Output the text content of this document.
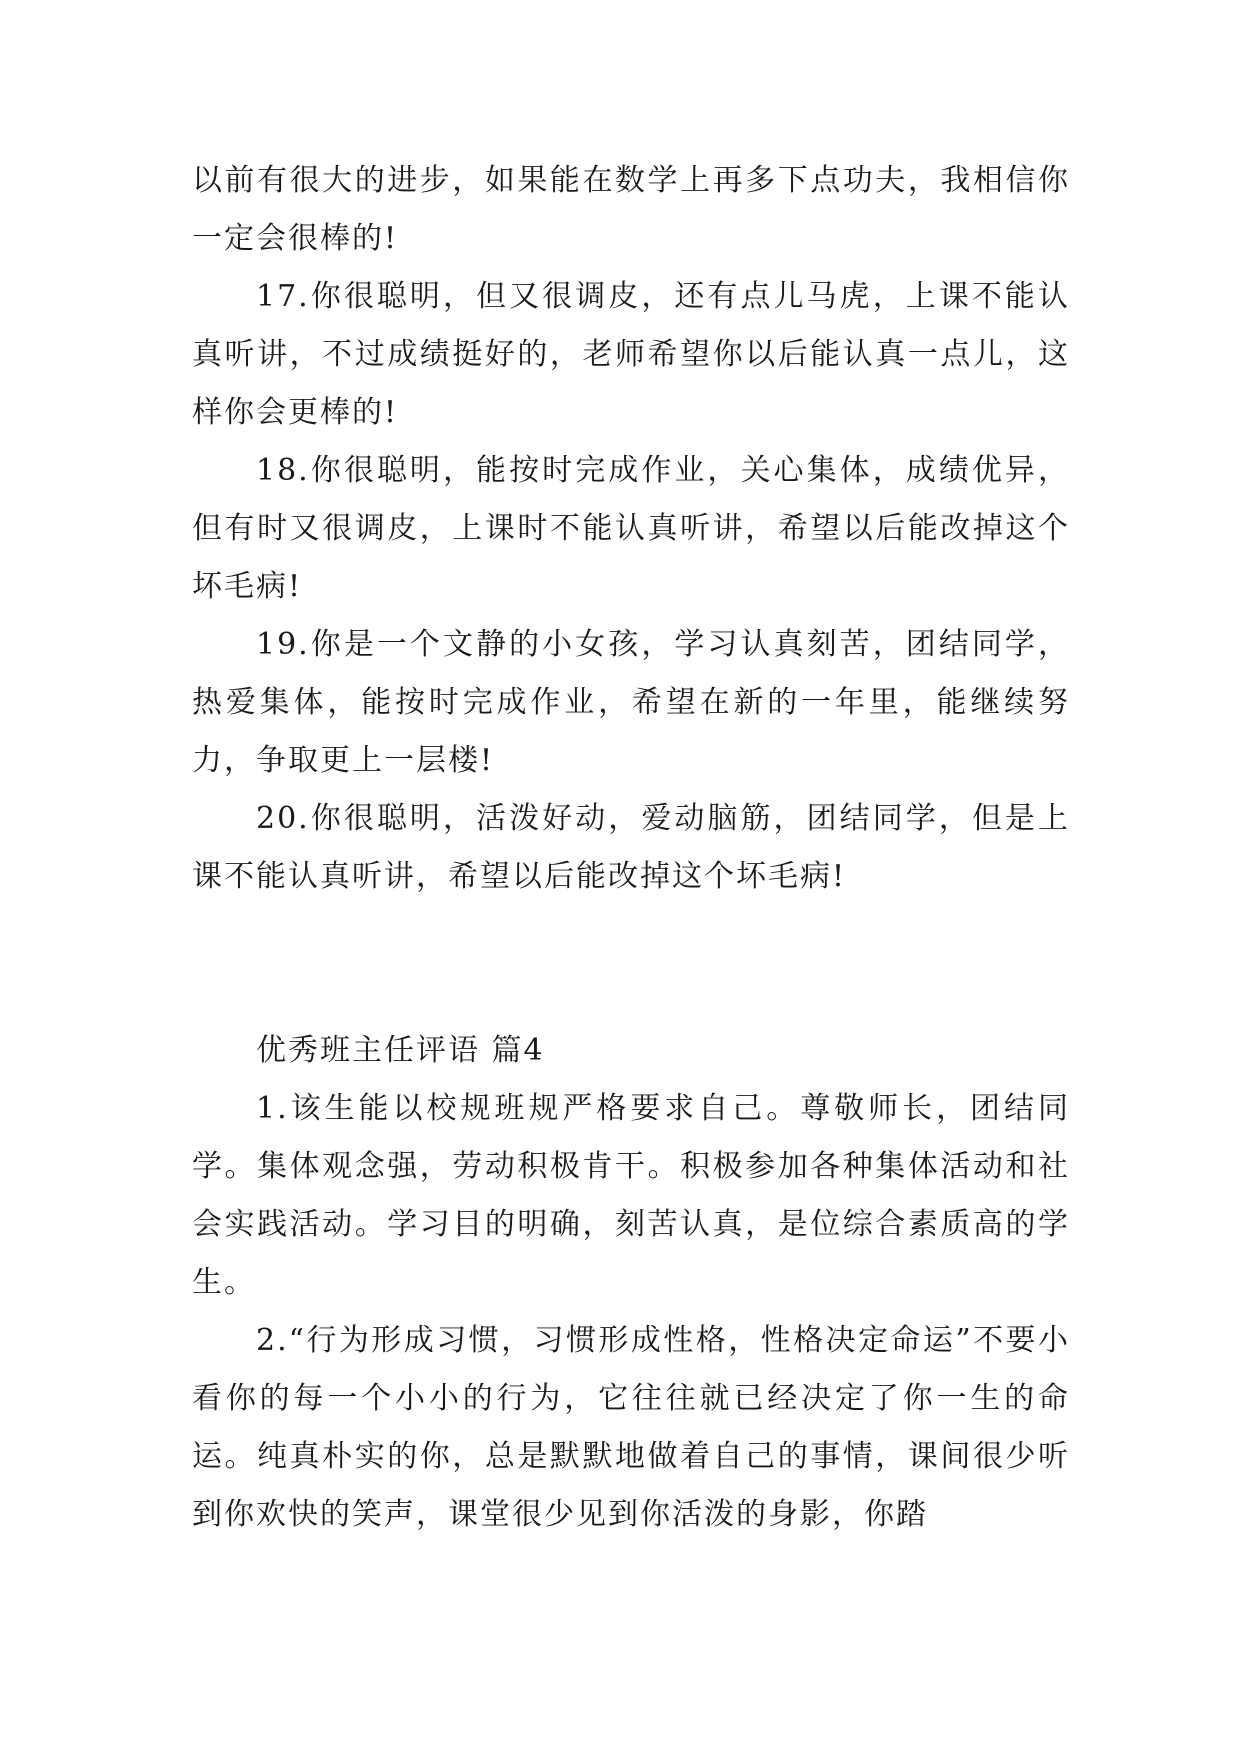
以前有很大的进步，如果能在数学上再多下点功夫，我相信你一定会很棒的!

17.你很聪明，但又很调皮，还有点儿马虎，上课不能认真听讲，不过成绩挺好的，老师希望你以后能认真一点儿，这样你会更棒的!

18.你很聪明，能按时完成作业，关心集体，成绩优异，但有时又很调皮，上课时不能认真听讲，希望以后能改掉这个坏毛病!

19.你是一个文静的小女孩，学习认真刻苦，团结同学，热爱集体，能按时完成作业，希望在新的一年里，能继续努力，争取更上一层楼!

20.你很聪明，活泼好动，爱动脑筋，团结同学，但是上课不能认真听讲，希望以后能改掉这个坏毛病!

优秀班主任评语 篇4

1.该生能以校规班规严格要求自己。尊敬师长，团结同学。集体观念强，劳动积极肯干。积极参加各种集体活动和社会实践活动。学习目的明确，刻苦认真，是位综合素质高的学生。

2.“行为形成习惯，习惯形成性格，性格决定命运”不要小看你的每一个小小的行为，它往往就已经决定了你一生的命运。纯真朴实的你，总是默默地做着自己的事情，课间很少听到你欢快的笑声，课堂很少见到你活泼的身影，你踏
